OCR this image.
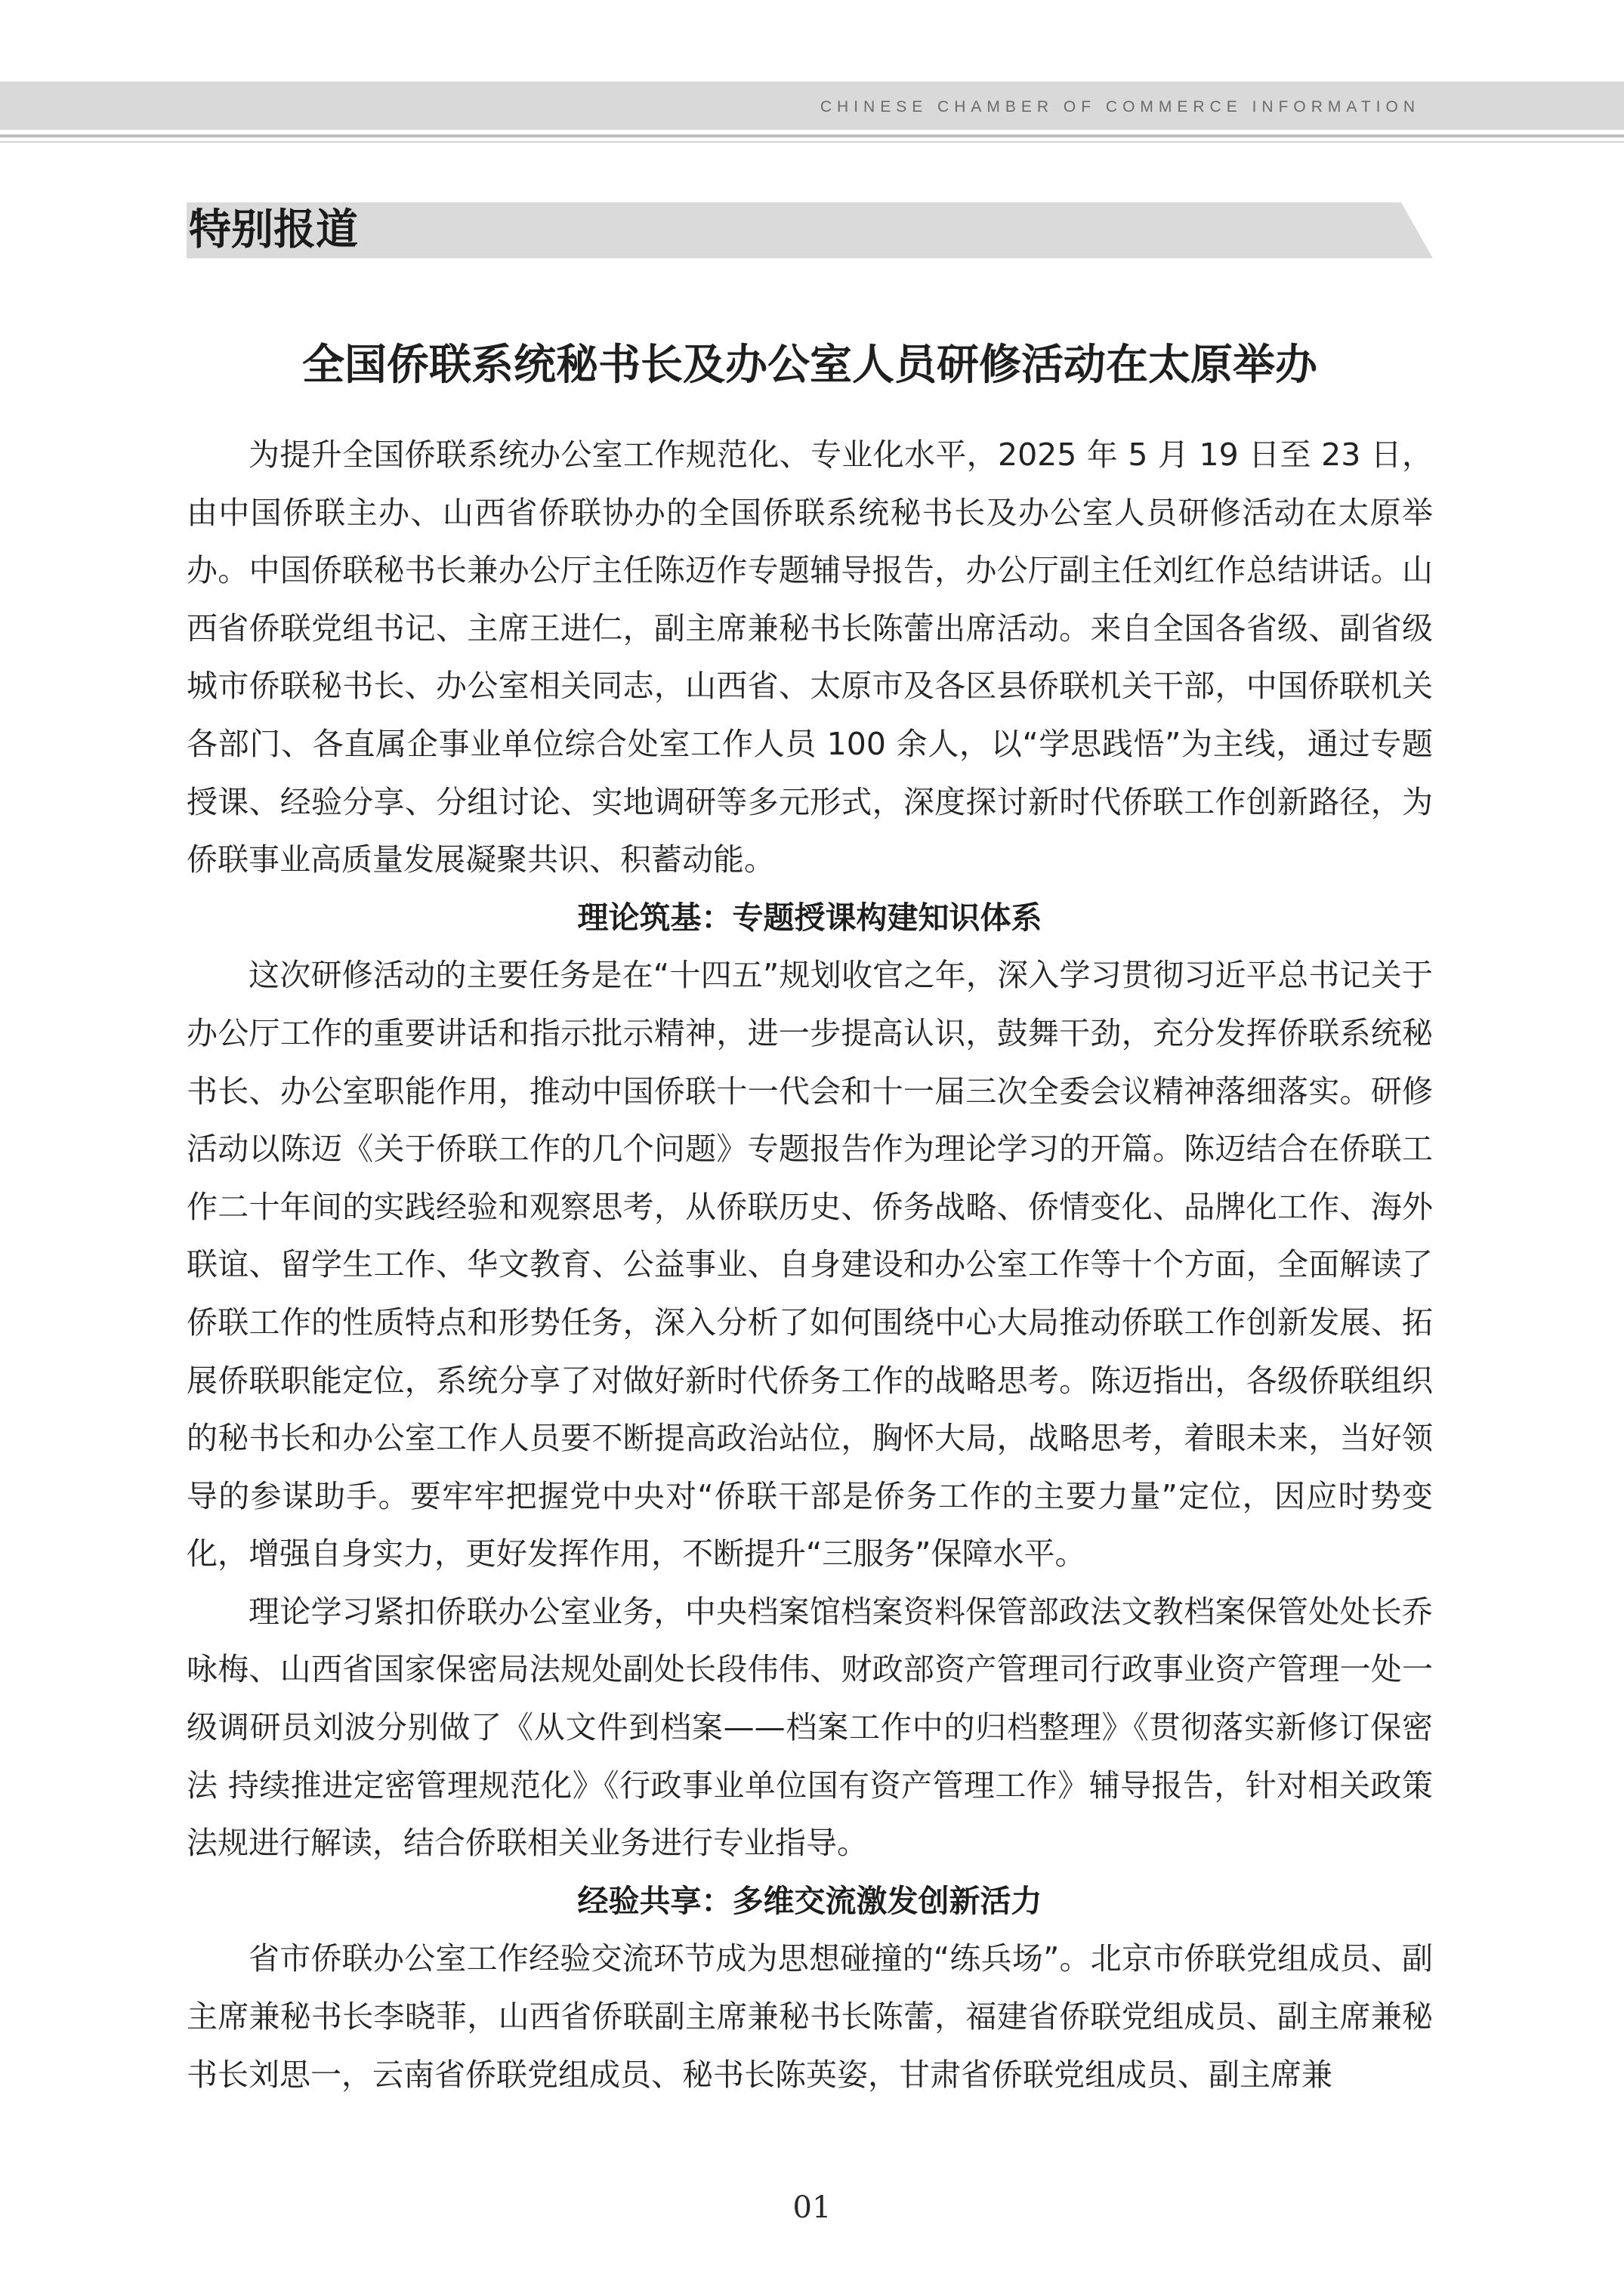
CHINESE CHAMBER OF COMMERCE INFORMATION
特别报道
全国侨联系统秘书长及办公室人员研修活动在太原举办

为提升全国侨联系统办公室工作规范化、专业化水平，2025 年 5 月 19 日至 23 日，由中国侨联主办、山西省侨联协办的全国侨联系统秘书长及办公室人员研修活动在太原举办。中国侨联秘书长兼办公厅主任陈迈作专题辅导报告，办公厅副主任刘红作总结讲话。山西省侨联党组书记、主席王进仁，副主席兼秘书长陈蕾出席活动。来自全国各省级、副省级城市侨联秘书长、办公室相关同志，山西省、太原市及各区县侨联机关干部，中国侨联机关各部门、各直属企事业单位综合处室工作人员 100 余人，以“学思践悟”为主线，通过专题授课、经验分享、分组讨论、实地调研等多元形式，深度探讨新时代侨联工作创新路径，为侨联事业高质量发展凝聚共识、积蓄动能。

理论筑基：专题授课构建知识体系

这次研修活动的主要任务是在“十四五”规划收官之年，深入学习贯彻习近平总书记关于办公厅工作的重要讲话和指示批示精神，进一步提高认识，鼓舞干劲，充分发挥侨联系统秘书长、办公室职能作用，推动中国侨联十一代会和十一届三次全委会议精神落细落实。研修活动以陈迈《关于侨联工作的几个问题》专题报告作为理论学习的开篇。陈迈结合在侨联工作二十年间的实践经验和观察思考，从侨联历史、侨务战略、侨情变化、品牌化工作、海外联谊、留学生工作、华文教育、公益事业、自身建设和办公室工作等十个方面，全面解读了侨联工作的性质特点和形势任务，深入分析了如何围绕中心大局推动侨联工作创新发展、拓展侨联职能定位，系统分享了对做好新时代侨务工作的战略思考。陈迈指出，各级侨联组织的秘书长和办公室工作人员要不断提高政治站位，胸怀大局，战略思考，着眼未来，当好领导的参谋助手。要牢牢把握党中央对“侨联干部是侨务工作的主要力量”定位，因应时势变化，增强自身实力，更好发挥作用，不断提升“三服务”保障水平。

理论学习紧扣侨联办公室业务，中央档案馆档案资料保管部政法文教档案保管处处长乔咏梅、山西省国家保密局法规处副处长段伟伟、财政部资产管理司行政事业资产管理一处一级调研员刘波分别做了《从文件到档案——档案工作中的归档整理》《贯彻落实新修订保密法 持续推进定密管理规范化》《行政事业单位国有资产管理工作》辅导报告，针对相关政策法规进行解读，结合侨联相关业务进行专业指导。

经验共享：多维交流激发创新活力

省市侨联办公室工作经验交流环节成为思想碰撞的“练兵场”。北京市侨联党组成员、副主席兼秘书长李晓菲，山西省侨联副主席兼秘书长陈蕾，福建省侨联党组成员、副主席兼秘书长刘思一，云南省侨联党组成员、秘书长陈英姿，甘肃省侨联党组成员、副主席兼

01
